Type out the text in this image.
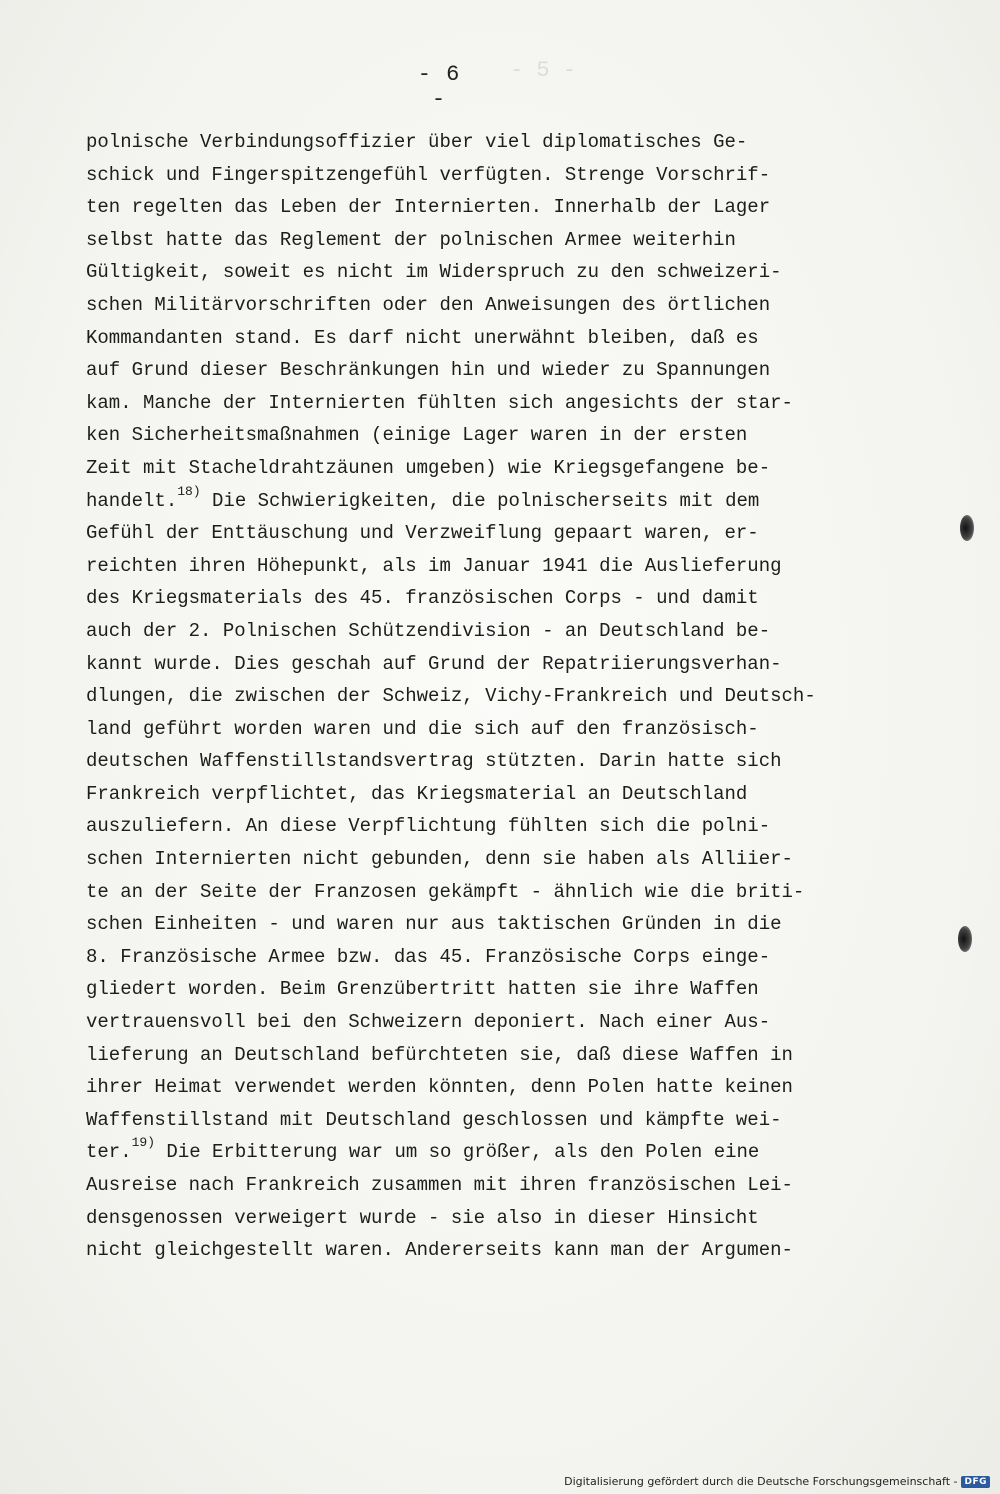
- 5 -
- 6 -
polnische Verbindungsoffizier über viel diplomatisches Ge-
schick und Fingerspitzengefühl verfügten. Strenge Vorschrif-
ten regelten das Leben der Internierten. Innerhalb der Lager
selbst hatte das Reglement der polnischen Armee weiterhin
Gültigkeit, soweit es nicht im Widerspruch zu den schweizeri-
schen Militärvorschriften oder den Anweisungen des örtlichen
Kommandanten stand. Es darf nicht unerwähnt bleiben, daß es
auf Grund dieser Beschränkungen hin und wieder zu Spannungen
kam. Manche der Internierten fühlten sich angesichts der star-
ken Sicherheitsmaßnahmen (einige Lager waren in der ersten
Zeit mit Stacheldrahtzäunen umgeben) wie Kriegsgefangene be-
handelt.$^{18)}$ Die Schwierigkeiten, die polnischerseits mit dem
Gefühl der Enttäuschung und Verzweiflung gepaart waren, er-
reichten ihren Höhepunkt, als im Januar 1941 die Auslieferung
des Kriegsmaterials des 45. französischen Corps - und damit
auch der 2. Polnischen Schützendivision - an Deutschland be-
kannt wurde. Dies geschah auf Grund der Repatriierungsverhan-
dlungen, die zwischen der Schweiz, Vichy-Frankreich und Deutsch-
land geführt worden waren und die sich auf den französisch-
deutschen Waffenstillstandsvertrag stützten. Darin hatte sich
Frankreich verpflichtet, das Kriegsmaterial an Deutschland
auszuliefern. An diese Verpflichtung fühlten sich die polni-
schen Internierten nicht gebunden, denn sie haben als Alliier-
te an der Seite der Franzosen gekämpft - ähnlich wie die briti-
schen Einheiten - und waren nur aus taktischen Gründen in die
8. Französische Armee bzw. das 45. Französische Corps einge-
gliedert worden. Beim Grenzübertritt hatten sie ihre Waffen
vertrauensvoll bei den Schweizern deponiert. Nach einer Aus-
lieferung an Deutschland befürchteten sie, daß diese Waffen in
ihrer Heimat verwendet werden könnten, denn Polen hatte keinen
Waffenstillstand mit Deutschland geschlossen und kämpfte wei-
ter.$^{19)}$ Die Erbitterung war um so größer, als den Polen eine
Ausreise nach Frankreich zusammen mit ihren französischen Lei-
densgenossen verweigert wurde - sie also in dieser Hinsicht
nicht gleichgestellt waren. Andererseits kann man der Argumen-
Digitalisierung gefördert durch die Deutsche Forschungsgemeinschaft - DFG
